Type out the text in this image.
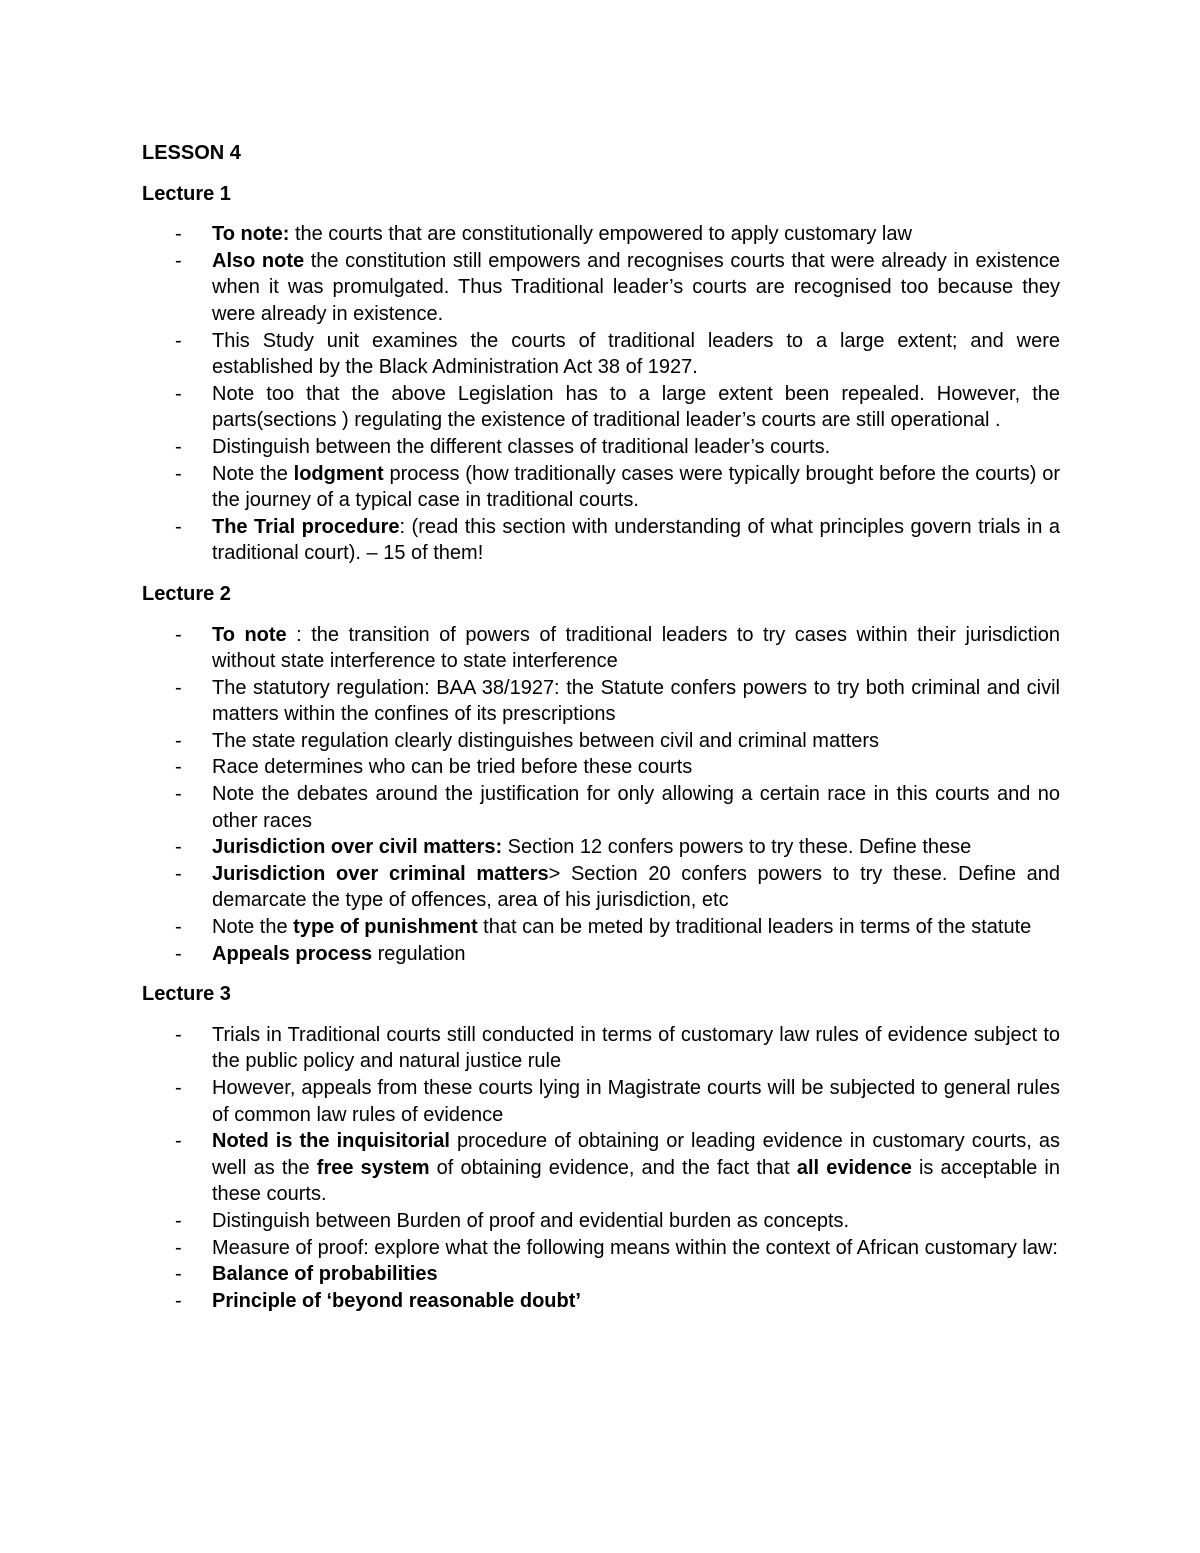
LESSON 4
Lecture 1
- To note: the courts that are constitutionally empowered to apply customary law
- Also note the constitution still empowers and recognises courts that were already in existence when it was promulgated. Thus Traditional leader’s courts are recognised too because they were already in existence.
- This Study unit examines the courts of traditional leaders to a large extent; and were established by the Black Administration Act 38 of 1927.
- Note too that the above Legislation has to a large extent been repealed. However, the parts(sections ) regulating the existence of traditional leader’s courts are still operational .
- Distinguish between the different classes of traditional leader’s courts.
- Note the lodgment process (how traditionally cases were typically brought before the courts) or the journey of a typical case in traditional courts.
- The Trial procedure: (read this section with understanding of what principles govern trials in a traditional court). – 15 of them!
Lecture 2
- To note : the transition of powers of traditional leaders to try cases within their jurisdiction without state interference to state interference
- The statutory regulation: BAA 38/1927: the Statute confers powers to try both criminal and civil matters within the confines of its prescriptions
- The state regulation clearly distinguishes between civil and criminal matters
- Race determines who can be tried before these courts
- Note the debates around the justification for only allowing a certain race in this courts and no other races
- Jurisdiction over civil matters: Section 12 confers powers to try these. Define these
- Jurisdiction over criminal matters> Section 20 confers powers to try these. Define and demarcate the type of offences, area of his jurisdiction, etc
- Note the type of punishment that can be meted by traditional leaders in terms of the statute
- Appeals process regulation
Lecture 3
- Trials in Traditional courts still conducted in terms of customary law rules of evidence subject to the public policy and natural justice rule
- However, appeals from these courts lying in Magistrate courts will be subjected to general rules of common law rules of evidence
- Noted is the inquisitorial procedure of obtaining or leading evidence in customary courts, as well as the free system of obtaining evidence, and the fact that all evidence is acceptable in these courts.
- Distinguish between Burden of proof and evidential burden as concepts.
- Measure of proof: explore what the following means within the context of African customary law:
- Balance of probabilities
- Principle of ‘beyond reasonable doubt’
